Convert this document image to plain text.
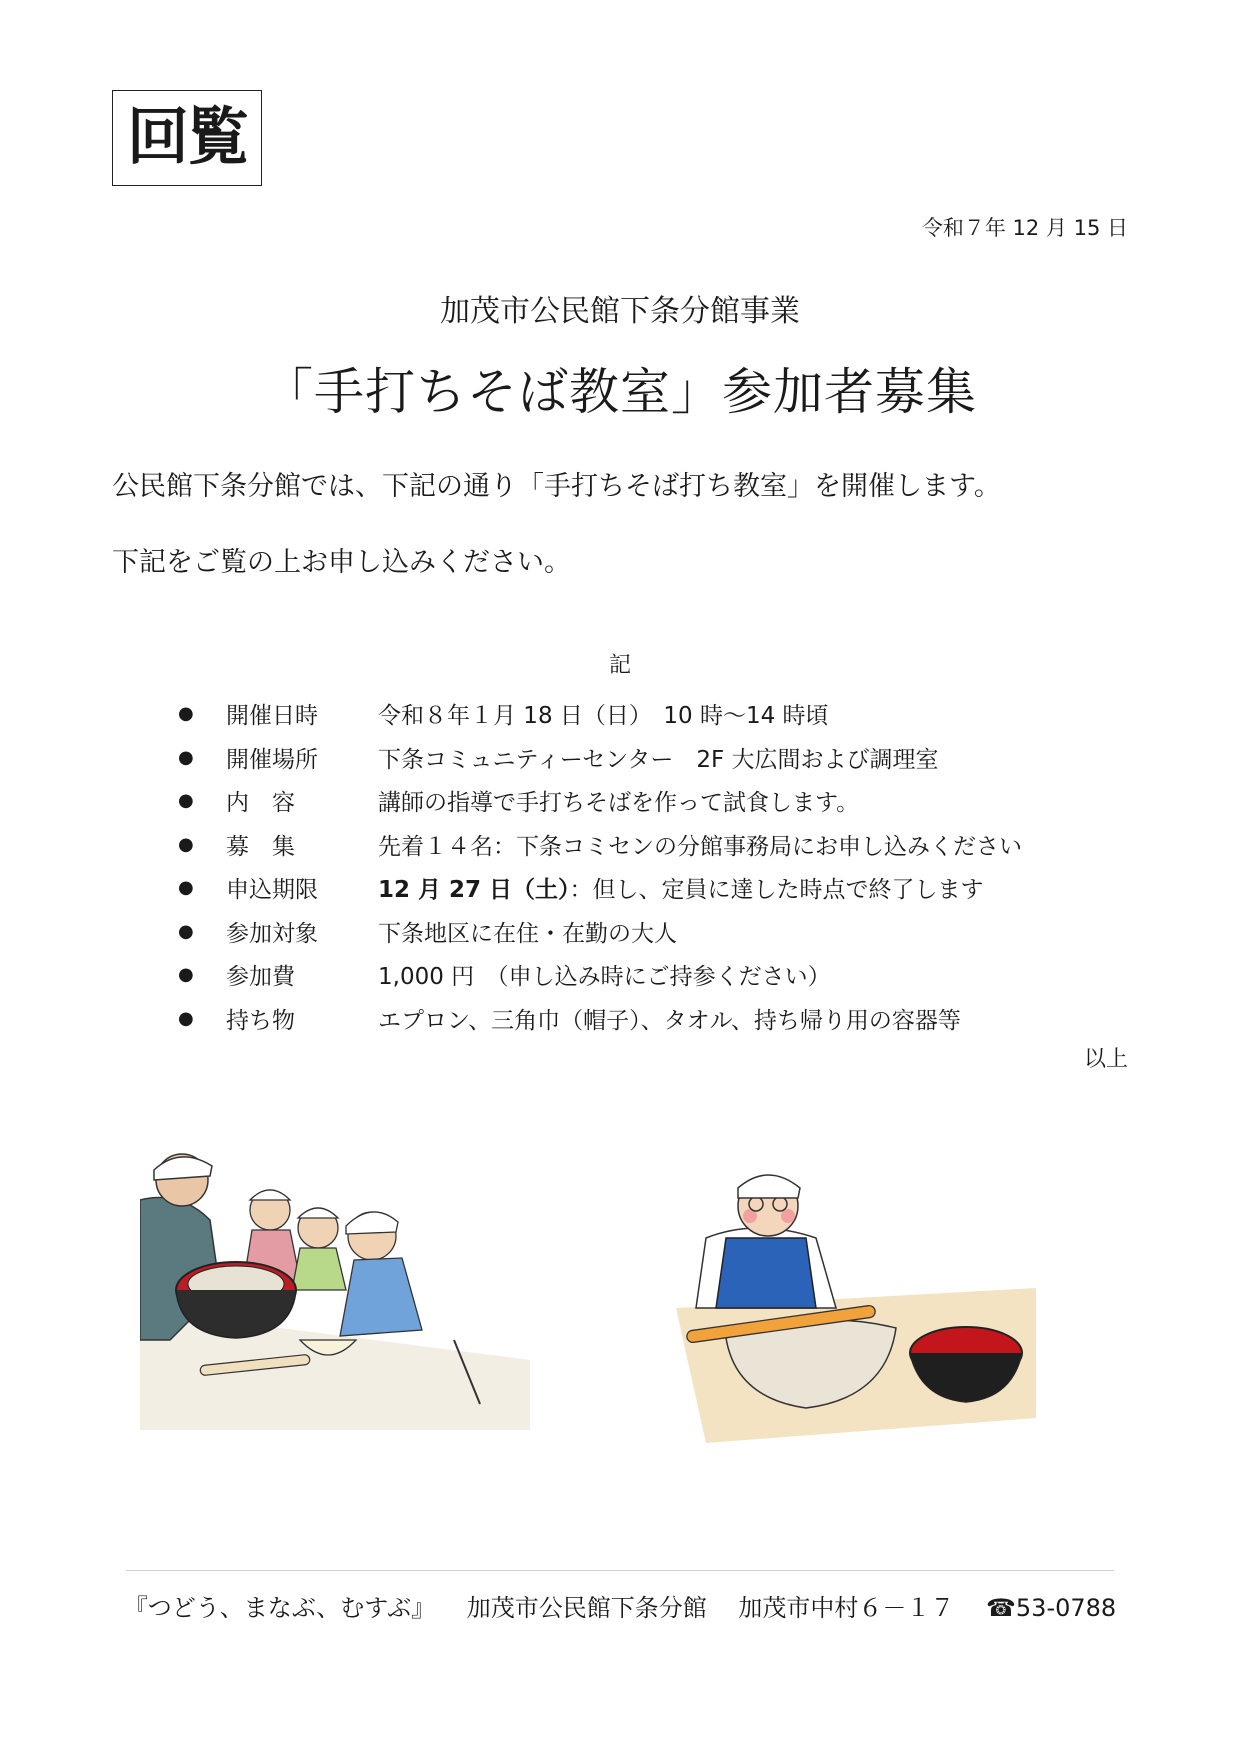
回覧
令和７年 12 月 15 日
加茂市公民館下条分館事業
「手打ちそば教室」参加者募集
公民館下条分館では、下記の通り「手打ちそば打ち教室」を開催します。
下記をご覧の上お申し込みください。
記
●	開催日時	令和８年１月 18 日（日）　10 時～14 時頃
●	開催場所	下条コミュニティーセンター　2F 大広間および調理室
●	内　容	講師の指導で手打ちそばを作って試食します。
●	募　集	先着１４名：下条コミセンの分館事務局にお申し込みください
●	申込期限	12 月 27 日（土）：但し、定員に達した時点で終了します
●	参加対象	下条地区に在住・在勤の大人
●	参加費	1,000 円　（申し込み時にご持参ください）
●	持ち物	エプロン、三角巾（帽子）、タオル、持ち帰り用の容器等
以上
『つどう、まなぶ、むすぶ』 加茂市公民館下条分館 加茂市中村６－１７ ☎53-0788
